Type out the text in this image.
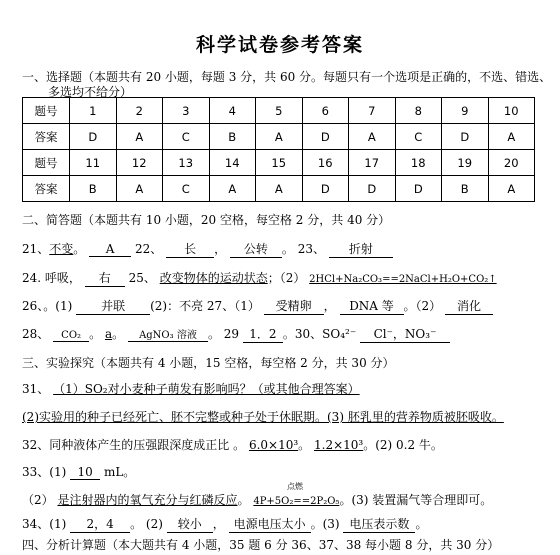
科学试卷参考答案
一、选择题（本题共有 20 小题，每题 3 分，共 60 分。每题只有一个选项是正确的，不选、错选、
多选均不给分）
题号	1	2	3	4	5	6	7	8	9	10
答案	D	A	C	B	A	D	A	C	D	A
题号	11	12	13	14	15	16	17	18	19	20
答案	B	A	C	A	A	D	D	D	B	A
二、简答题（本题共有 10 小题，20 空格，每空格 2 分，共 40 分）
21、不变。 A 22、 长 ， 公转 。 23、 折射
24. 呼吸， 右 25、 改变物体的运动状态；（2） 2HCl+Na₂CO₃==2NaCl+H₂O+CO₂↑
26、。(1) 并联 (2)：不亮 27、（1） 受精卵 ， DNA 等 。（2） 消化
28、 CO₂ 。 a。 AgNO₃ 溶液 。 29 1．2 。30、SO₄²⁻ Cl⁻，NO₃⁻
三、实验探究（本题共有 4 小题，15 空格，每空格 2 分，共 30 分）
31、 （1）SO₂对小麦种子萌发有影响吗？（或其他合理答案）
(2)实验用的种子已经死亡、胚不完整或种子处于休眠期。(3) 胚乳里的营养物质被胚吸收。
32、同种液体产生的压强跟深度成正比 。 6.0×10³。 1.2×10³。(2) 0.2 牛。
33、(1) 10 mL。
点燃
（2） 是注射器内的氧气充分与红磷反应。 4P+5O₂==2P₂O₅。(3) 装置漏气等合理即可。
34、(1) 2，4 。 (2) 较小 ， 电源电压太小 。(3) 电压表示数 。
四、分析计算题（本大题共有 4 小题，35 题 6 分 36、37、38 每小题 8 分，共 30 分）
